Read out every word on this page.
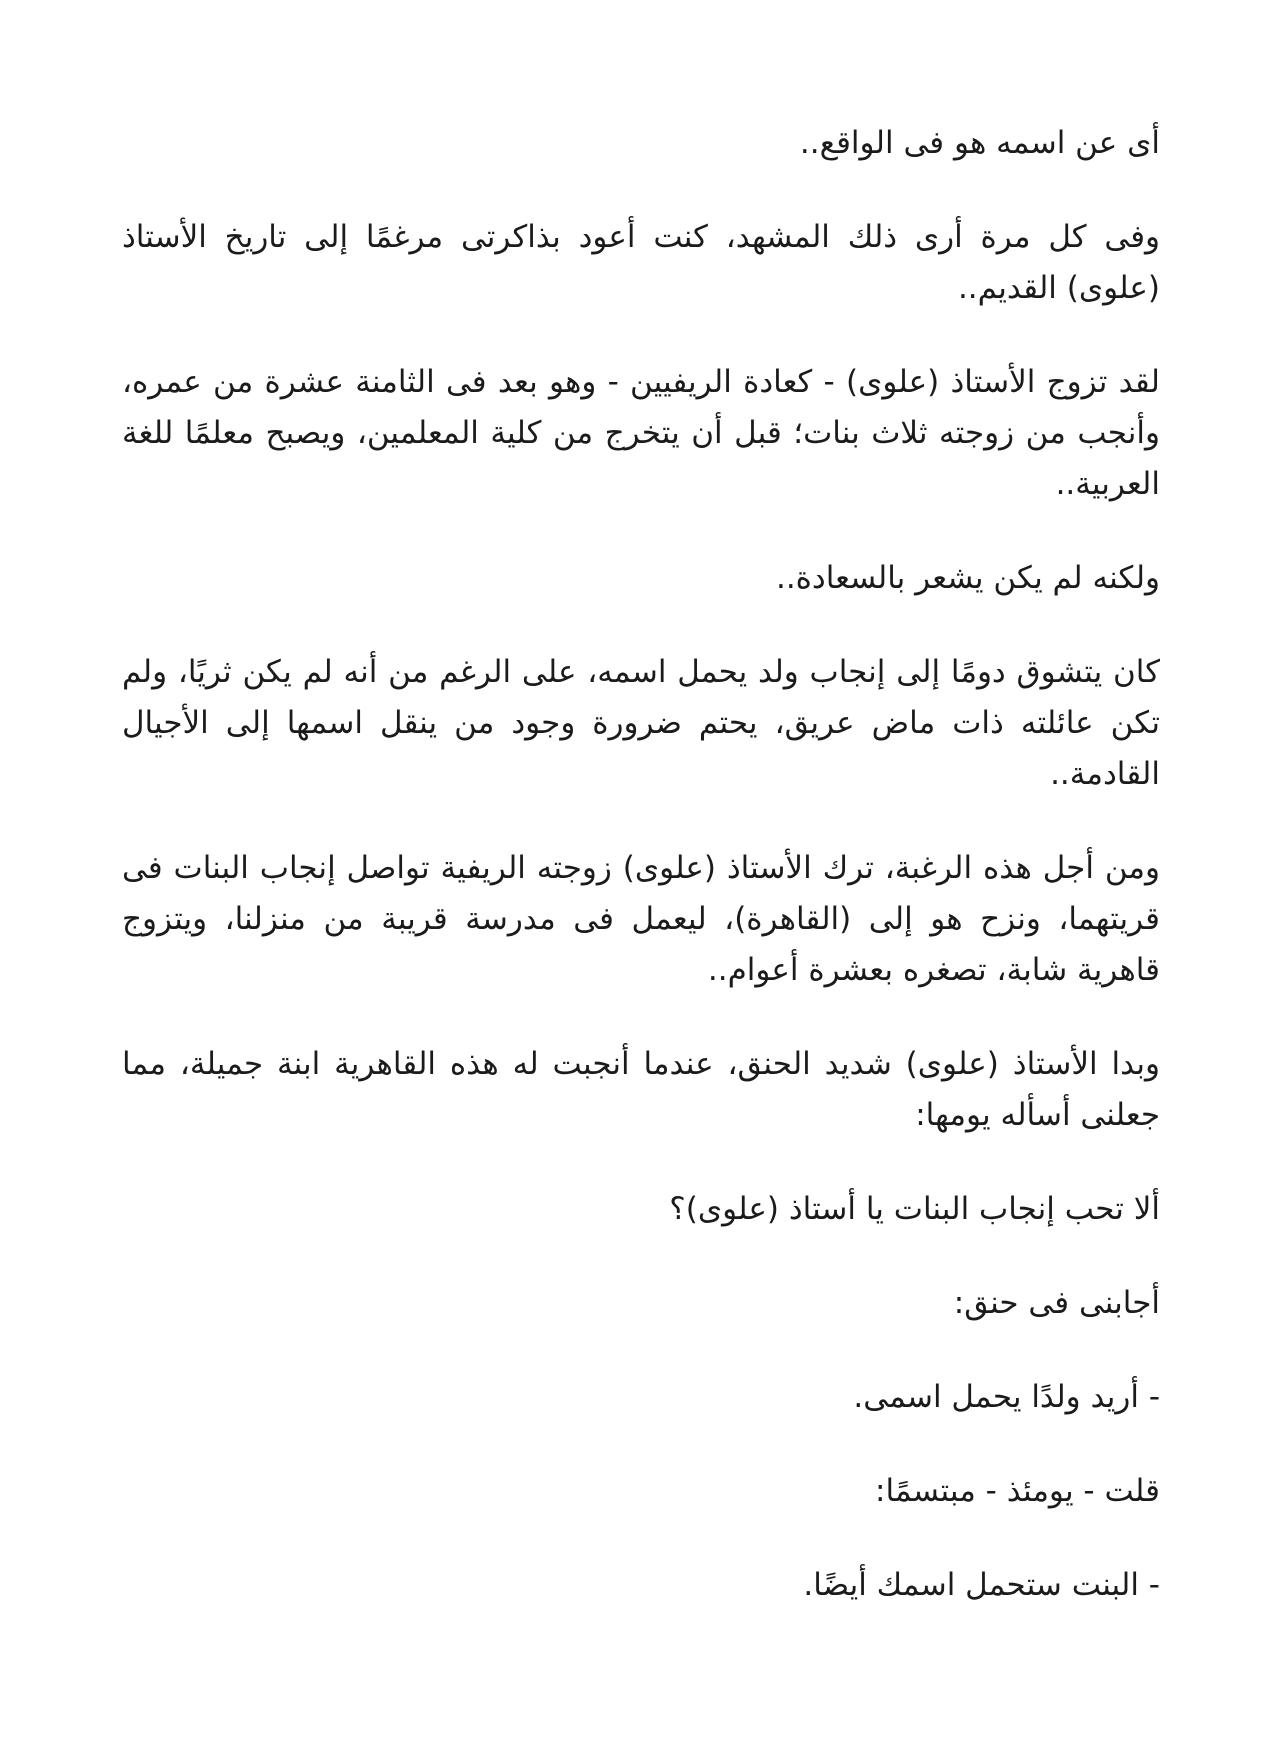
أى عن اسمه هو فى الواقع..

وفى كل مرة أرى ذلك المشهد، كنت أعود بذاكرتى مرغمًا إلى تاريخ الأستاذ (علوى) القديم..

لقد تزوج الأستاذ (علوى) - كعادة الريفيين - وهو بعد فى الثامنة عشرة من عمره، وأنجب من زوجته ثلاث بنات؛ قبل أن يتخرج من كلية المعلمين، ويصبح معلمًا للغة العربية..

ولكنه لم يكن يشعر بالسعادة..

كان يتشوق دومًا إلى إنجاب ولد يحمل اسمه، على الرغم من أنه لم يكن ثريًا، ولم تكن عائلته ذات ماض عريق، يحتم ضرورة وجود من ينقل اسمها إلى الأجيال القادمة..

ومن أجل هذه الرغبة، ترك الأستاذ (علوى) زوجته الريفية تواصل إنجاب البنات فى قريتهما، ونزح هو إلى (القاهرة)، ليعمل فى مدرسة قريبة من منزلنا، ويتزوج قاهرية شابة، تصغره بعشرة أعوام..

وبدا الأستاذ (علوى) شديد الحنق، عندما أنجبت له هذه القاهرية ابنة جميلة، مما جعلنى أسأله يومها:

ألا تحب إنجاب البنات يا أستاذ (علوى)؟

أجابنى فى حنق:

- أريد ولدًا يحمل اسمى.

قلت - يومئذ - مبتسمًا:

- البنت ستحمل اسمك أيضًا.
